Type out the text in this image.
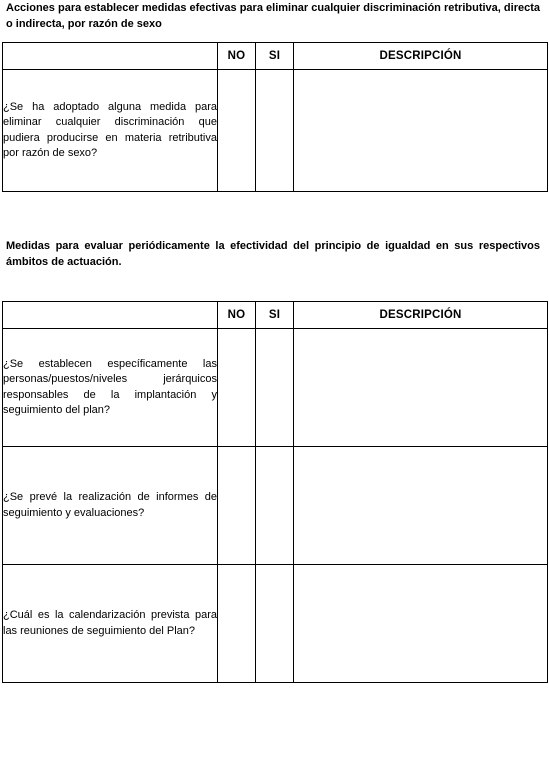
Acciones para establecer medidas efectivas para eliminar cualquier discriminación retributiva, directa o indirecta, por razón de sexo

	NO	SI	DESCRIPCIÓN
¿Se ha adoptado alguna medida para eliminar cualquier discriminación que pudiera producirse en materia retributiva por razón de sexo?			

Medidas para evaluar periódicamente la efectividad del principio de igualdad en sus respectivos ámbitos de actuación.

	NO	SI	DESCRIPCIÓN
¿Se establecen específicamente las personas/puestos/niveles jerárquicos responsables de la implantación y seguimiento del plan?			
¿Se prevé la realización de informes de seguimiento y evaluaciones?			
¿Cuál es la calendarización prevista para las reuniones de seguimiento del Plan?			
